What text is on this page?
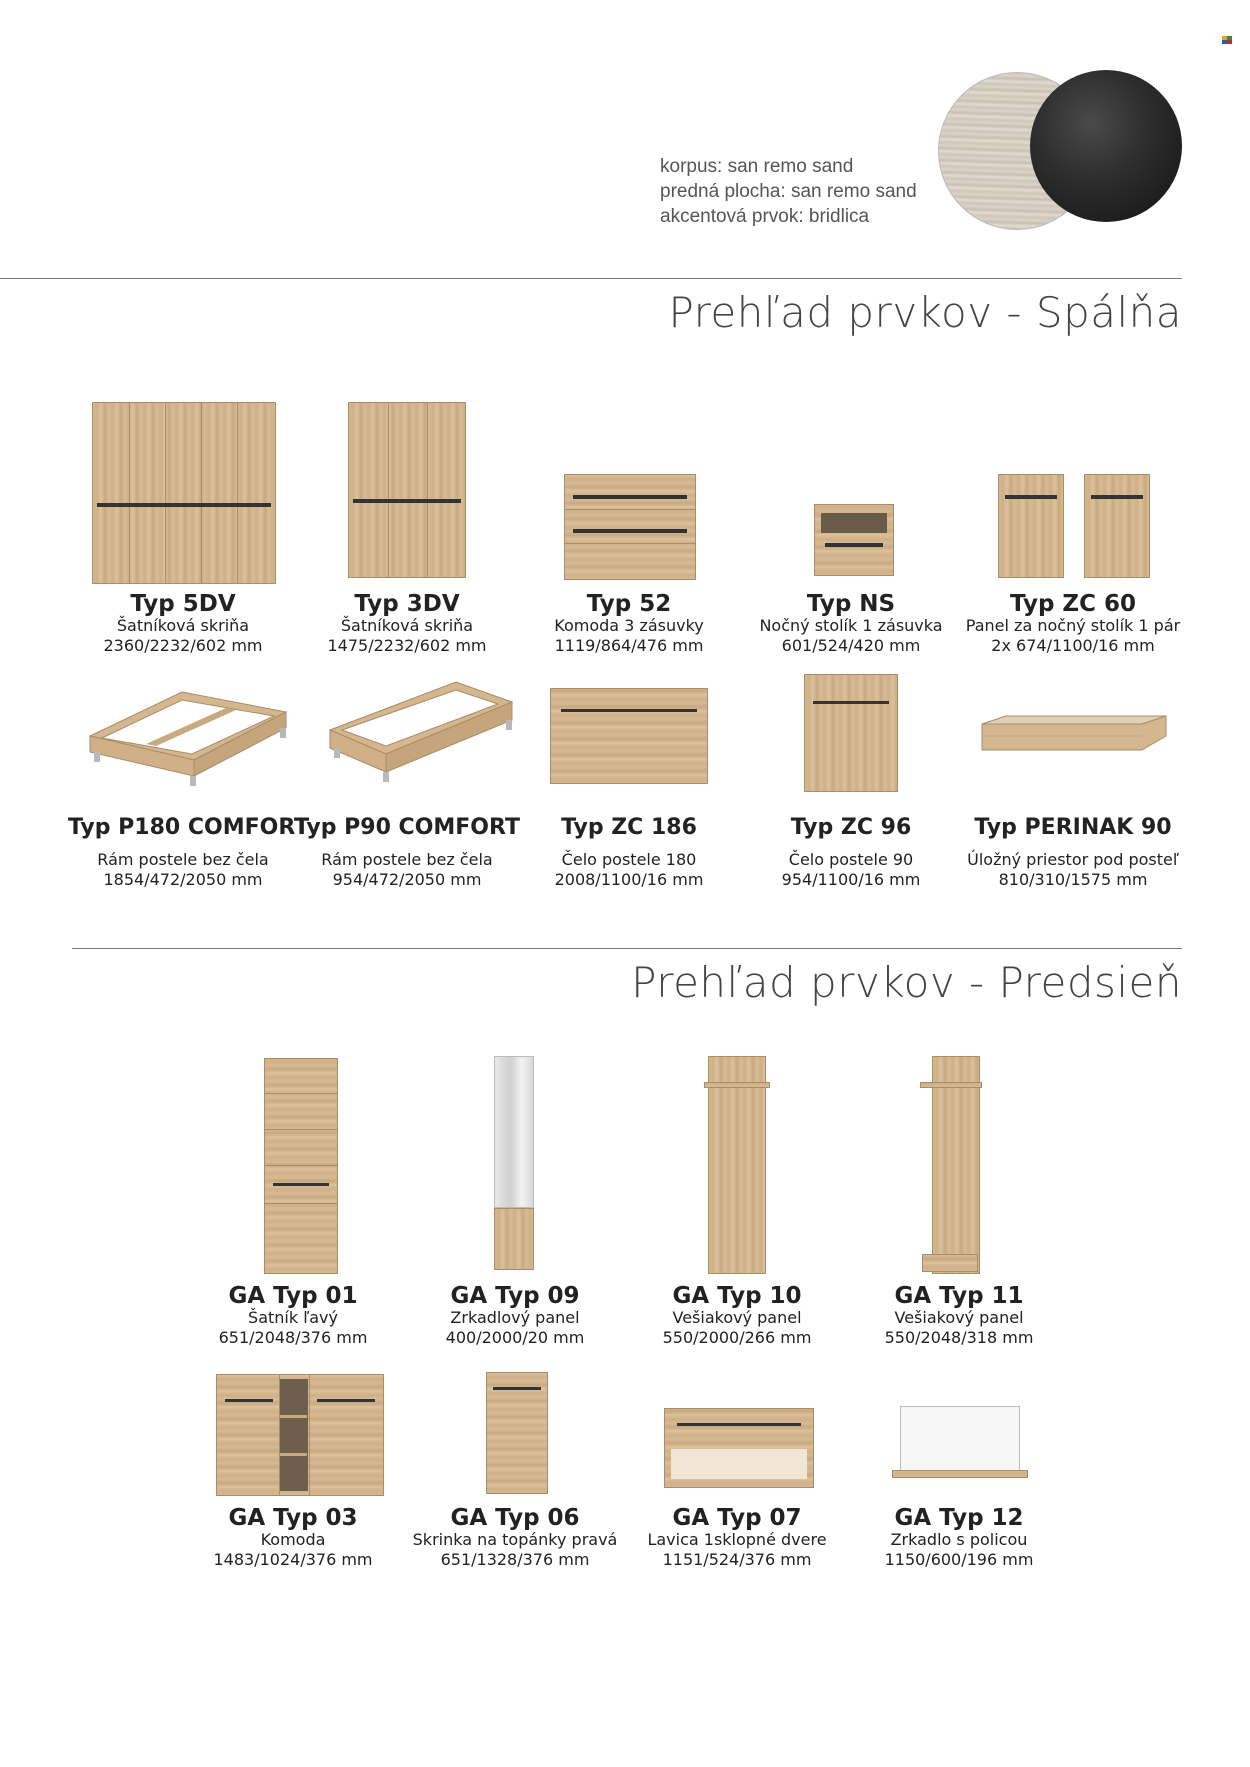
korpus: san remo sand
predná plocha: san remo sand
akcentová prvok: bridlica
Prehľad prvkov - Spálňa
Typ 5DV
Šatníková skriňa
2360/2232/602 mm
Typ 3DV
Šatníková skriňa
1475/2232/602 mm
Typ 52
Komoda 3 zásuvky
1119/864/476 mm
Typ NS
Nočný stolík 1 zásuvka
601/524/420 mm
Typ ZC 60
Panel za nočný stolík 1 pár
2x 674/1100/16 mm
Typ P180 COMFORT
Rám postele bez čela
1854/472/2050 mm
Typ P90 COMFORT
Rám postele bez čela
954/472/2050 mm
Typ ZC 186
Čelo postele 180
2008/1100/16 mm
Typ ZC 96
Čelo postele 90
954/1100/16 mm
Typ PERINAK 90
Úložný priestor pod posteľ
810/310/1575 mm
Prehľad prvkov - Predsieň
GA Typ 01
Šatník ľavý
651/2048/376 mm
GA Typ 09
Zrkadlový panel
400/2000/20 mm
GA Typ 10
Vešiakový panel
550/2000/266 mm
GA Typ 11
Vešiakový panel
550/2048/318 mm
GA Typ 03
Komoda
1483/1024/376 mm
GA Typ 06
Skrinka na topánky pravá
651/1328/376 mm
GA Typ 07
Lavica 1sklopné dvere
1151/524/376 mm
GA Typ 12
Zrkadlo s policou
1150/600/196 mm
